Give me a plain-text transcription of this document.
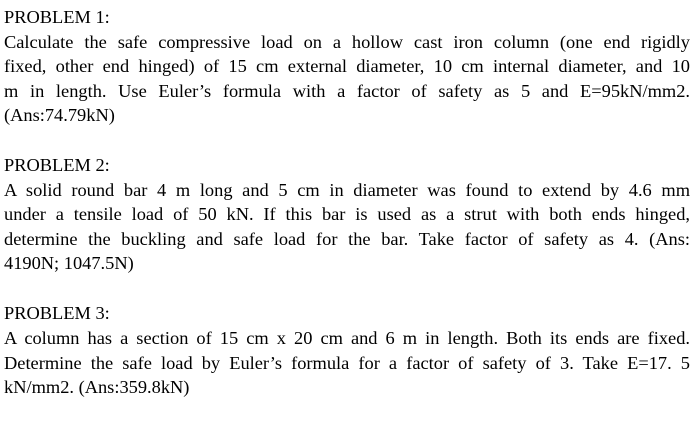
PROBLEM 1:
Calculate the safe compressive load on a hollow cast iron column (one end rigidly
fixed, other end hinged) of 15 cm external diameter, 10 cm internal diameter, and 10
m in length. Use Euler’s formula with a factor of safety as 5 and E=95kN/mm2.
(Ans:74.79kN)
PROBLEM 2:
A solid round bar 4 m long and 5 cm in diameter was found to extend by 4.6 mm
under a tensile load of 50 kN. If this bar is used as a strut with both ends hinged,
determine the buckling and safe load for the bar. Take factor of safety as 4. (Ans:
4190N; 1047.5N)
PROBLEM 3:
A column has a section of 15 cm x 20 cm and 6 m in length. Both its ends are fixed.
Determine the safe load by Euler’s formula for a factor of safety of 3. Take E=17. 5
kN/mm2. (Ans:359.8kN)
